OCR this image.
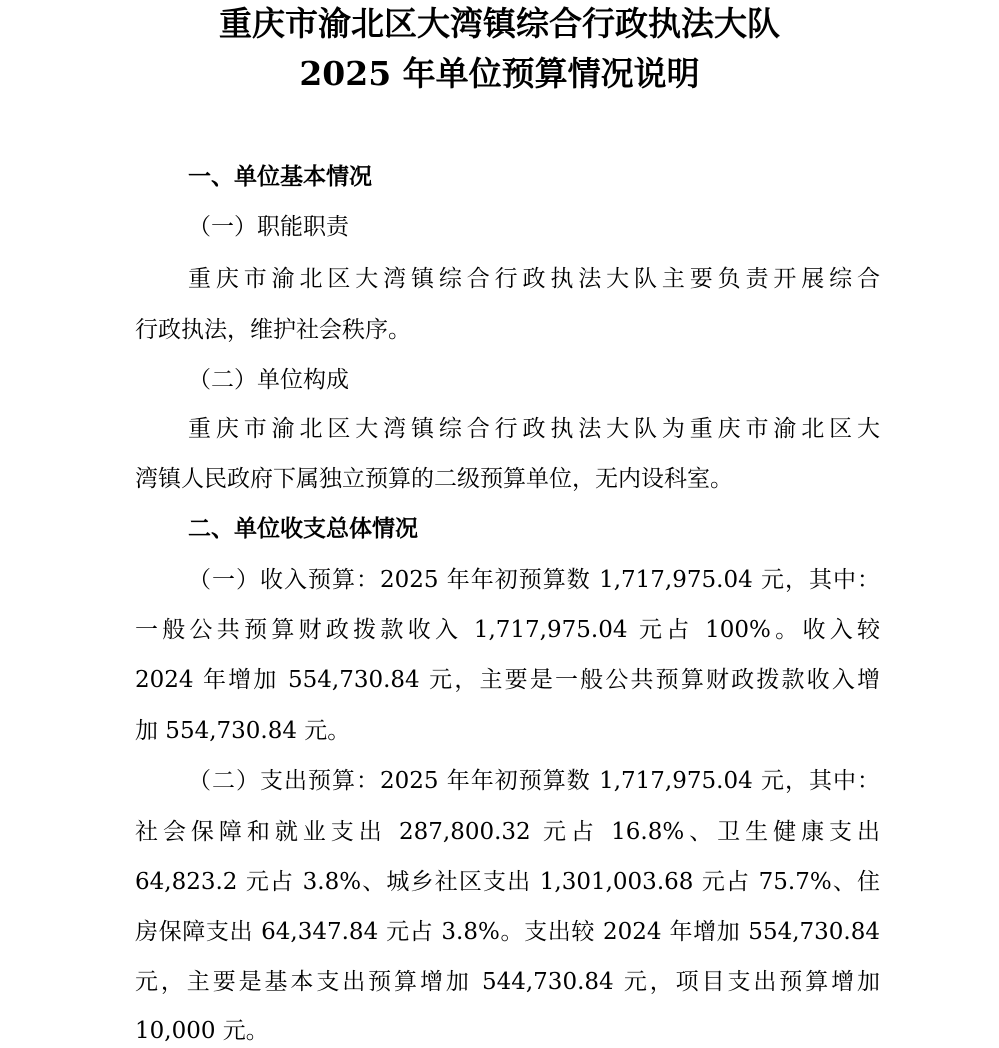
重庆市渝北区大湾镇综合行政执法大队
2025 年单位预算情况说明

一、单位基本情况

（一）职能职责

重庆市渝北区大湾镇综合行政执法大队主要负责开展综合

行政执法，维护社会秩序。

（二）单位构成

重庆市渝北区大湾镇综合行政执法大队为重庆市渝北区大

湾镇人民政府下属独立预算的二级预算单位，无内设科室。

二、单位收支总体情况

（一）收入预算：2025 年年初预算数 1,717,975.04 元，其中：

一般公共预算财政拨款收入 1,717,975.04 元占 100%。收入较

2024 年增加 554,730.84 元，主要是一般公共预算财政拨款收入增

加 554,730.84 元。

（二）支出预算：2025 年年初预算数 1,717,975.04 元，其中：

社会保障和就业支出 287,800.32 元占 16.8%、卫生健康支出

64,823.2 元占 3.8%、城乡社区支出 1,301,003.68 元占 75.7%、住

房保障支出 64,347.84 元占 3.8%。支出较 2024 年增加 554,730.84

元，主要是基本支出预算增加 544,730.84 元，项目支出预算增加

10,000 元。
